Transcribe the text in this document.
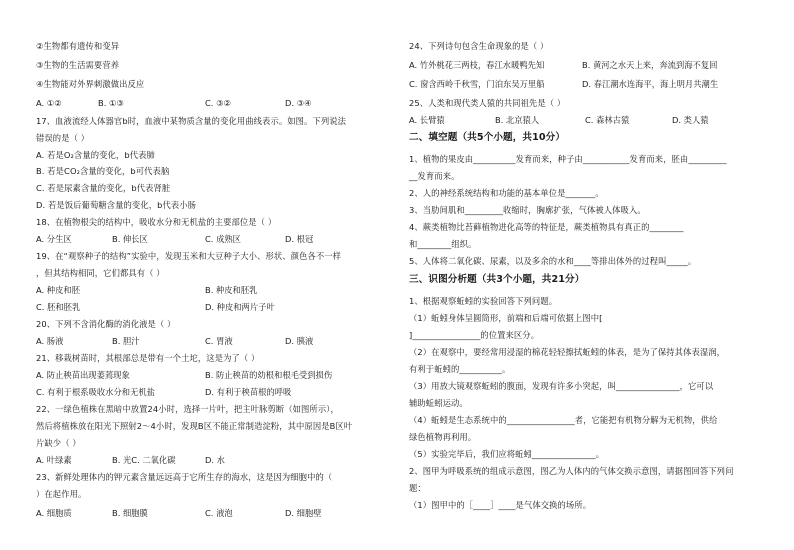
②生物都有遗传和变异
③生物的生活需要营养
④生物能对外界刺激做出反应
A. ①②	B. ①③	C. ③②	D. ③④
17、血液流经人体器官b时，血液中某物质含量的变化用曲线表示。如图。下列说法
错误的是（ ）
A. 若是O₂含量的变化，b代表肺
B. 若是CO₂含量的变化，b可代表脑
C. 若是尿素含量的变化，b代表肾脏
D. 若是饭后葡萄糖含量的变化，b代表小肠
18、在植物根尖的结构中，吸收水分和无机盐的主要部位是（ ）
A. 分生区	B. 伸长区	C. 成熟区	D. 根冠
19、在“观察种子的结构”实验中，发现玉米和大豆种子大小、形状、颜色各不一样
，但其结构相同，它们都具有（ ）
A. 种皮和胚	B. 种皮和胚乳
C. 胚和胚乳	D. 种皮和两片子叶
20、下列不含消化酶的消化液是（ ）
A. 肠液	B. 胆汁	C. 胃液	D. 胰液
21、移栽树苗时，其根部总是带有一个土坨，这是为了（ ）
A. 防止秧苗出现萎蔫现象	B. 防止秧苗的幼根和根毛受到损伤
C. 有利于根系吸收水分和无机盐	D. 有利于秧苗根的呼吸
22、一绿色植株在黑暗中放置24小时，选择一片叶，把主叶脉剪断（如图所示），
然后将植株放在阳光下照射2～4小时，发现B区不能正常制造淀粉，其中原因是B区叶
片缺少（ ）
A. 叶绿素	B. 光C. 二氧化碳	D. 水
23、新鲜处理体内的钾元素含量远远高于它所生存的海水，这是因为细胞中的（
）在起作用。
A. 细胞质	B. 细胞膜	C. 液泡	D. 细胞壁
24、下列诗句包含生命现象的是（ ）
A. 竹外桃花三两枝，春江水暖鸭先知	B. 黄河之水天上来，奔流到海不复回
C. 窗含西岭千秋雪，门泊东吴万里船	D. 春江潮水连海平，海上明月共潮生
25、人类和现代类人猿的共同祖先是（ ）
A. 长臂猿	B. 北京猿人	C. 森林古猿	D. 类人猿
二、填空题（共5个小题，共10分）
1、植物的果皮由__________发育而来，种子由___________发育而来，胚由_________
__发育而来。
2、人的神经系统结构和功能的基本单位是_______。
3、当肋间肌和_________收缩时，胸廓扩张，气体被人体吸入。
4、蕨类植物比苔藓植物进化高等的特征是，蕨类植物具有真正的________
和________组织。
5、人体将二氧化碳、尿素，以及多余的水和____等排出体外的过程叫_____。
三、识图分析题（共3个小题，共21分）
1、根据观察蚯蚓的实验回答下列问题。
（1）蚯蚓身体呈圆筒形，前端和后端可依据上图中[
]________________的位置来区分。
（2）在观察中，要经常用浸湿的棉花轻轻擦拭蚯蚓的体表，是为了保持其体表湿润，
有利于蚯蚓的__________。
（3）用放大镜观察蚯蚓的腹面，发现有许多小突起，叫_______________，它可以
辅助蚯蚓运动。
（4）蚯蚓是生态系统中的________________者，它能把有机物分解为无机物，供给
绿色植物再利用。
（5）实验完毕后，我们应将蚯蚓_______________。
2、图甲为呼吸系统的组成示意图，图乙为人体内的气体交换示意图，请据图回答下列问
题：
（1）图甲中的［____］____是气体交换的场所。
